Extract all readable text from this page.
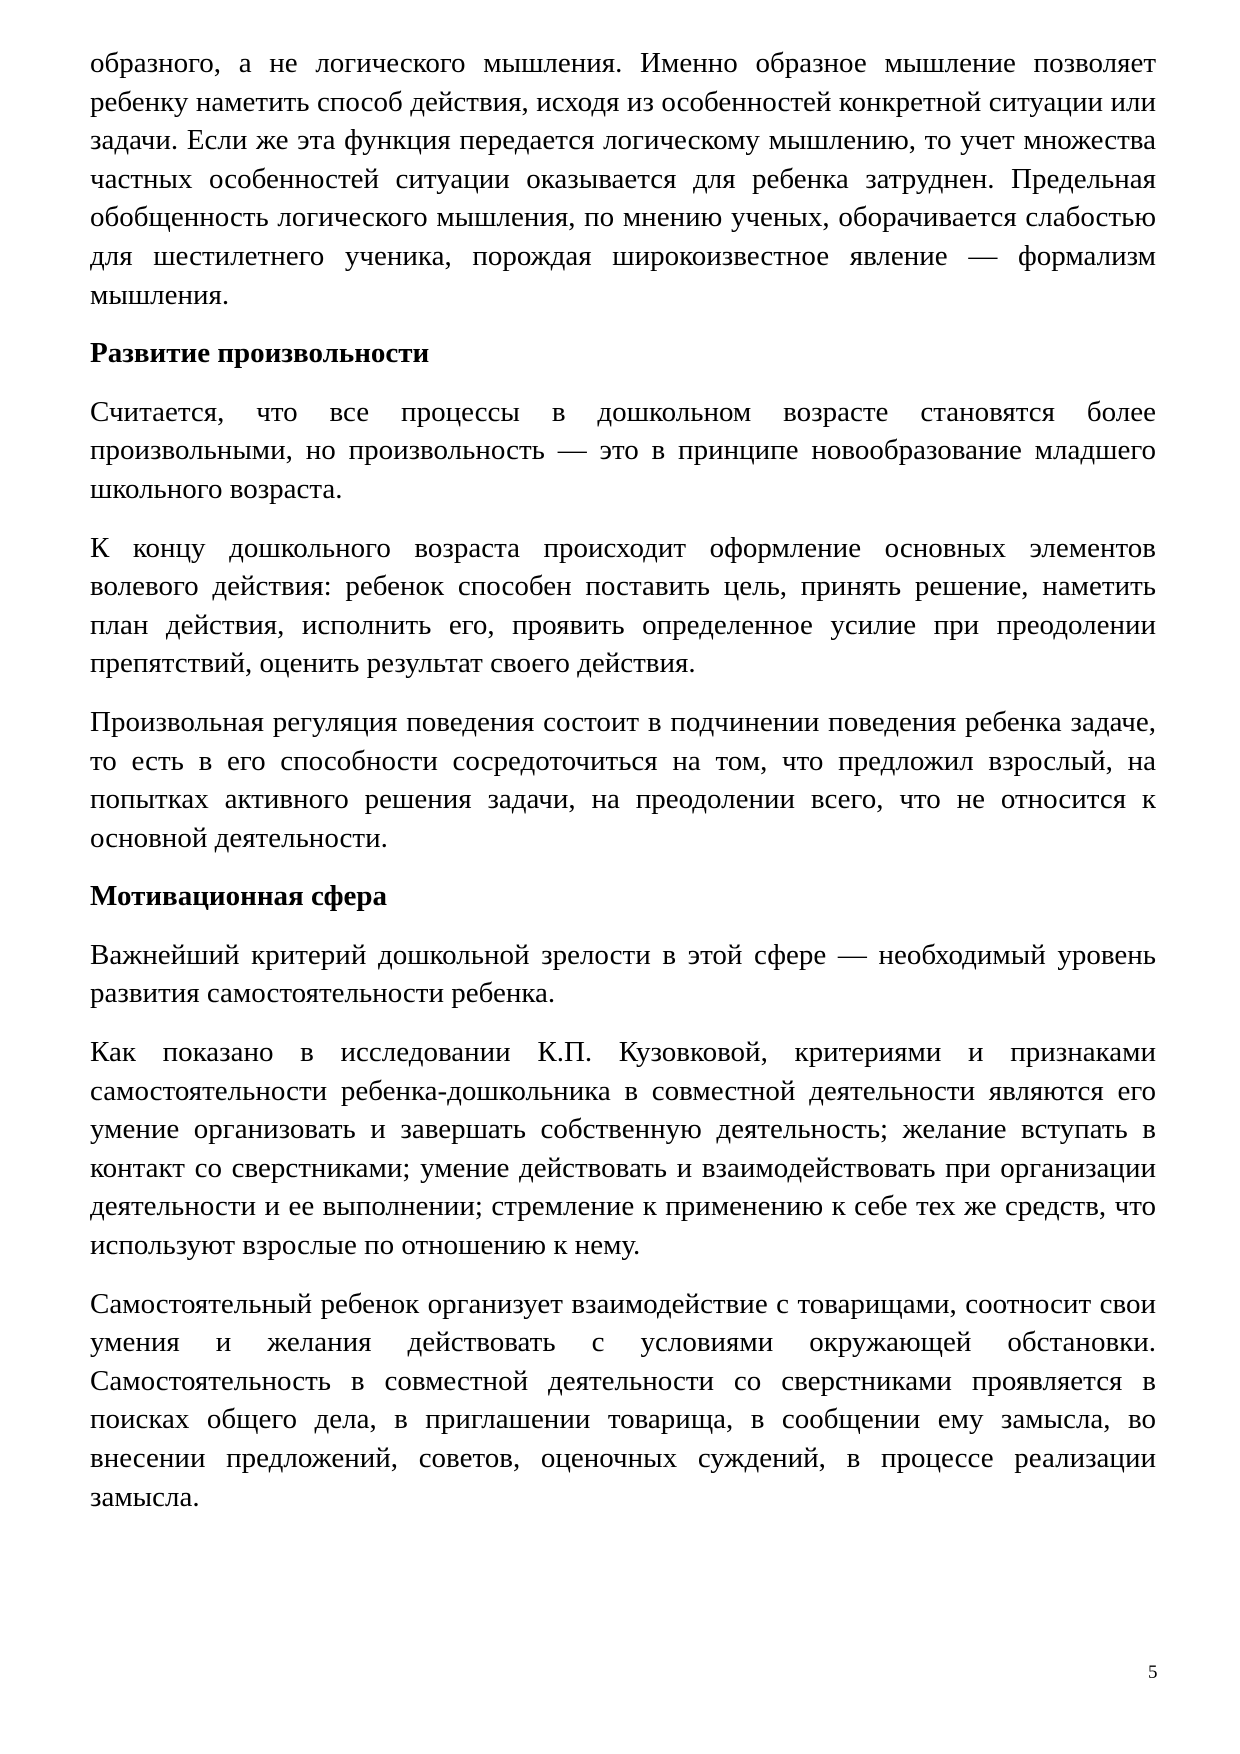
образного, а не логического мышления. Именно образное мышление позволяет ребенку наметить способ действия, исходя из особенностей конкретной ситуации или задачи. Если же эта функция передается логическому мышлению, то учет множества частных особенностей ситуации оказывается для ребенка затруднен. Предельная обобщенность логического мышления, по мнению ученых, оборачивается слабостью для шестилетнего ученика, порождая широкоизвестное явление — формализм мышления.

Развитие произвольности

Считается, что все процессы в дошкольном возрасте становятся более произвольными, но произвольность — это в принципе новообразование младшего школьного возраста.

К концу дошкольного возраста происходит оформление основных элементов волевого действия: ребенок способен поставить цель, принять решение, наметить план действия, исполнить его, проявить определенное усилие при преодолении препятствий, оценить результат своего действия.

Произвольная регуляция поведения состоит в подчинении поведения ребенка задаче, то есть в его способности сосредоточиться на том, что предложил взрослый, на попытках активного решения задачи, на преодолении всего, что не относится к основной деятельности.

Мотивационная сфера

Важнейший критерий дошкольной зрелости в этой сфере — необходимый уровень развития самостоятельности ребенка.

Как показано в исследовании К.П. Кузовковой, критериями и признаками самостоятельности ребенка-дошкольника в совместной деятельности являются его умение организовать и завершать собственную деятельность; желание вступать в контакт со сверстниками; умение действовать и взаимодействовать при организации деятельности и ее выполнении; стремление к применению к себе тех же средств, что используют взрослые по отношению к нему.

Самостоятельный ребенок организует взаимодействие с товарищами, соотносит свои умения и желания действовать с условиями окружающей обстановки. Самостоятельность в совместной деятельности со сверстниками проявляется в поисках общего дела, в приглашении товарища, в сообщении ему замысла, во внесении предложений, советов, оценочных суждений, в процессе реализации замысла.

5
